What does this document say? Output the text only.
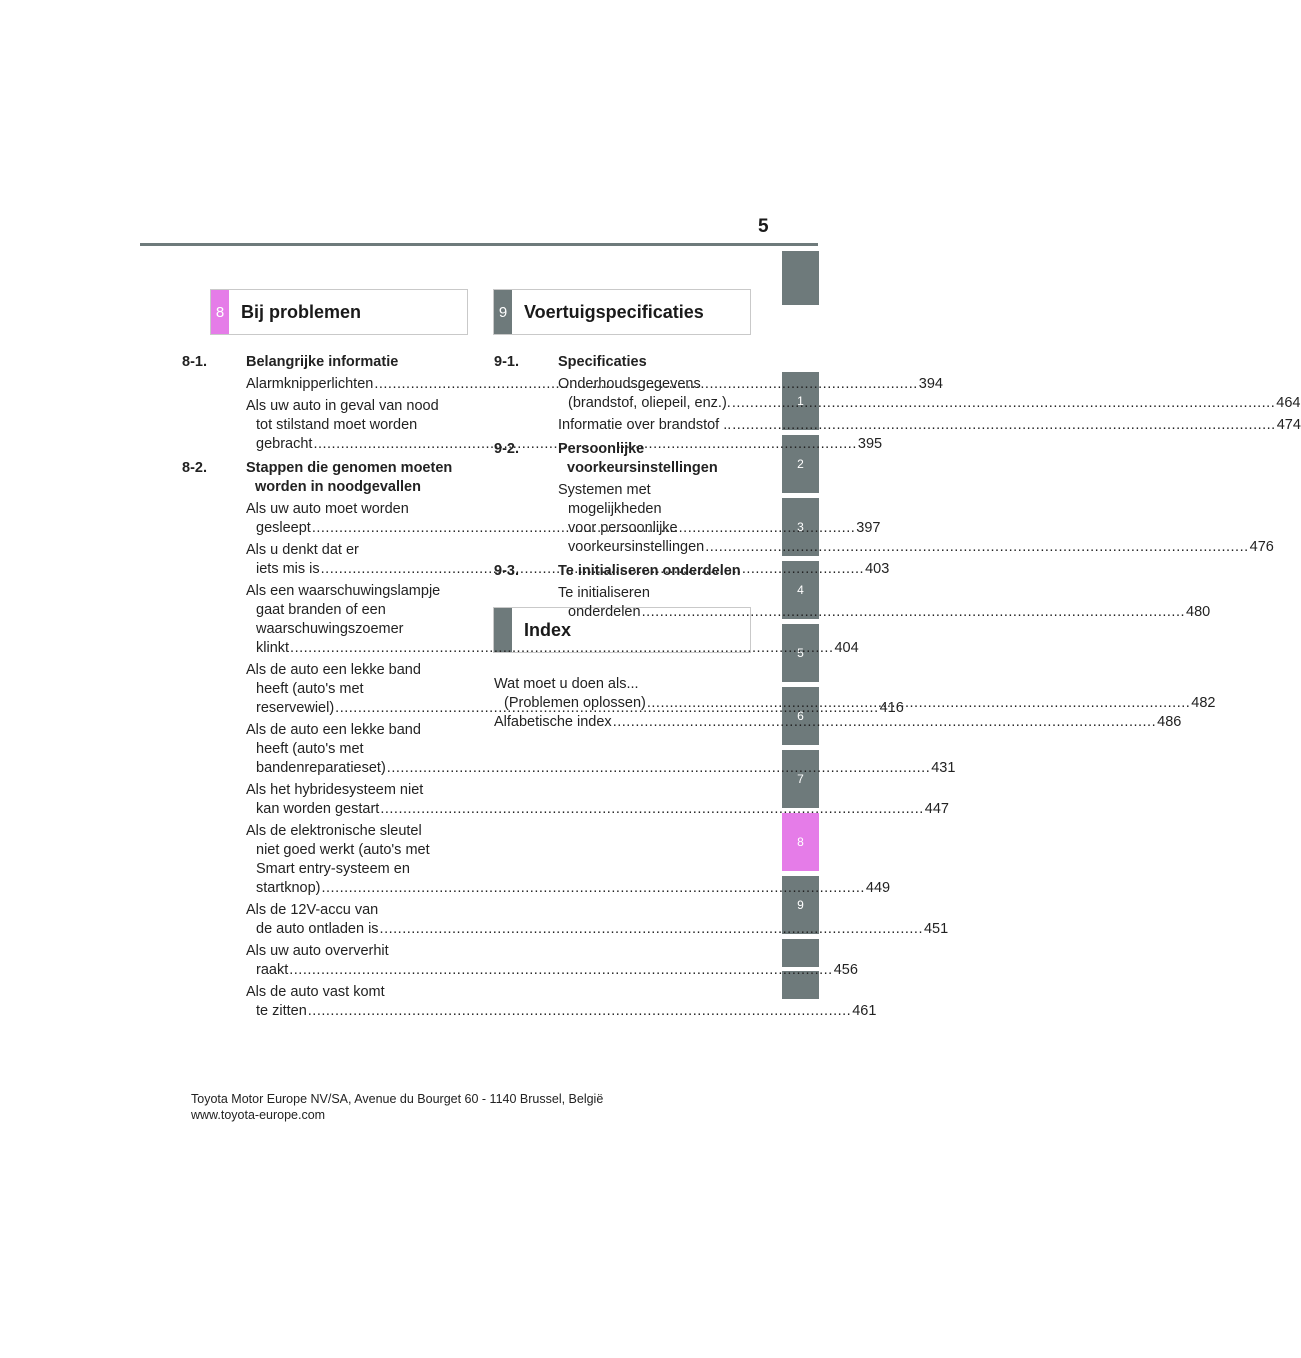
5
1
2
3
4
5
6
7
8
9
8 Bij problemen	9 Voertuigspecificaties
Index
8-1.	Belangrijke informatie
Alarmknipperlichten .....	394
Als uw auto in geval van nood
tot stilstand moet worden
gebracht .....	395
8-2.	Stappen die genomen moeten worden in noodgevallen
Als uw auto moet worden
gesleept .....	397
Als u denkt dat er
iets mis is .....	403
Als een waarschuwingslampje
gaat branden of een
waarschuwingszoemer
klinkt .....	404
Als de auto een lekke band
heeft (auto's met
reservewiel) .....	416
Als de auto een lekke band
heeft (auto's met
bandenreparatieset) .....	431
Als het hybridesysteem niet
kan worden gestart .....	447
Als de elektronische sleutel
niet goed werkt (auto's met
Smart entry-systeem en
startknop) .....	449
Als de 12V-accu van
de auto ontladen is .....	451
Als uw auto oververhit
raakt .....	456
Als de auto vast komt
te zitten .....	461
9-1.	Specificaties
Onderhoudsgegevens
(brandstof, oliepeil, enz.). .....	464
Informatie over brandstof .. .....	474
9-2.	Persoonlijke voorkeursinstellingen
Systemen met mogelijkheden
voor persoonlijke
voorkeursinstellingen .....	476
9-3.	Te initialiseren onderdelen
Te initialiseren
onderdelen .....	480
Wat moet u doen als...
(Problemen oplossen) .....	482
Alfabetische index .....	486
Toyota Motor Europe NV/SA, Avenue du Bourget 60 - 1140 Brussel, België
www.toyota-europe.com
